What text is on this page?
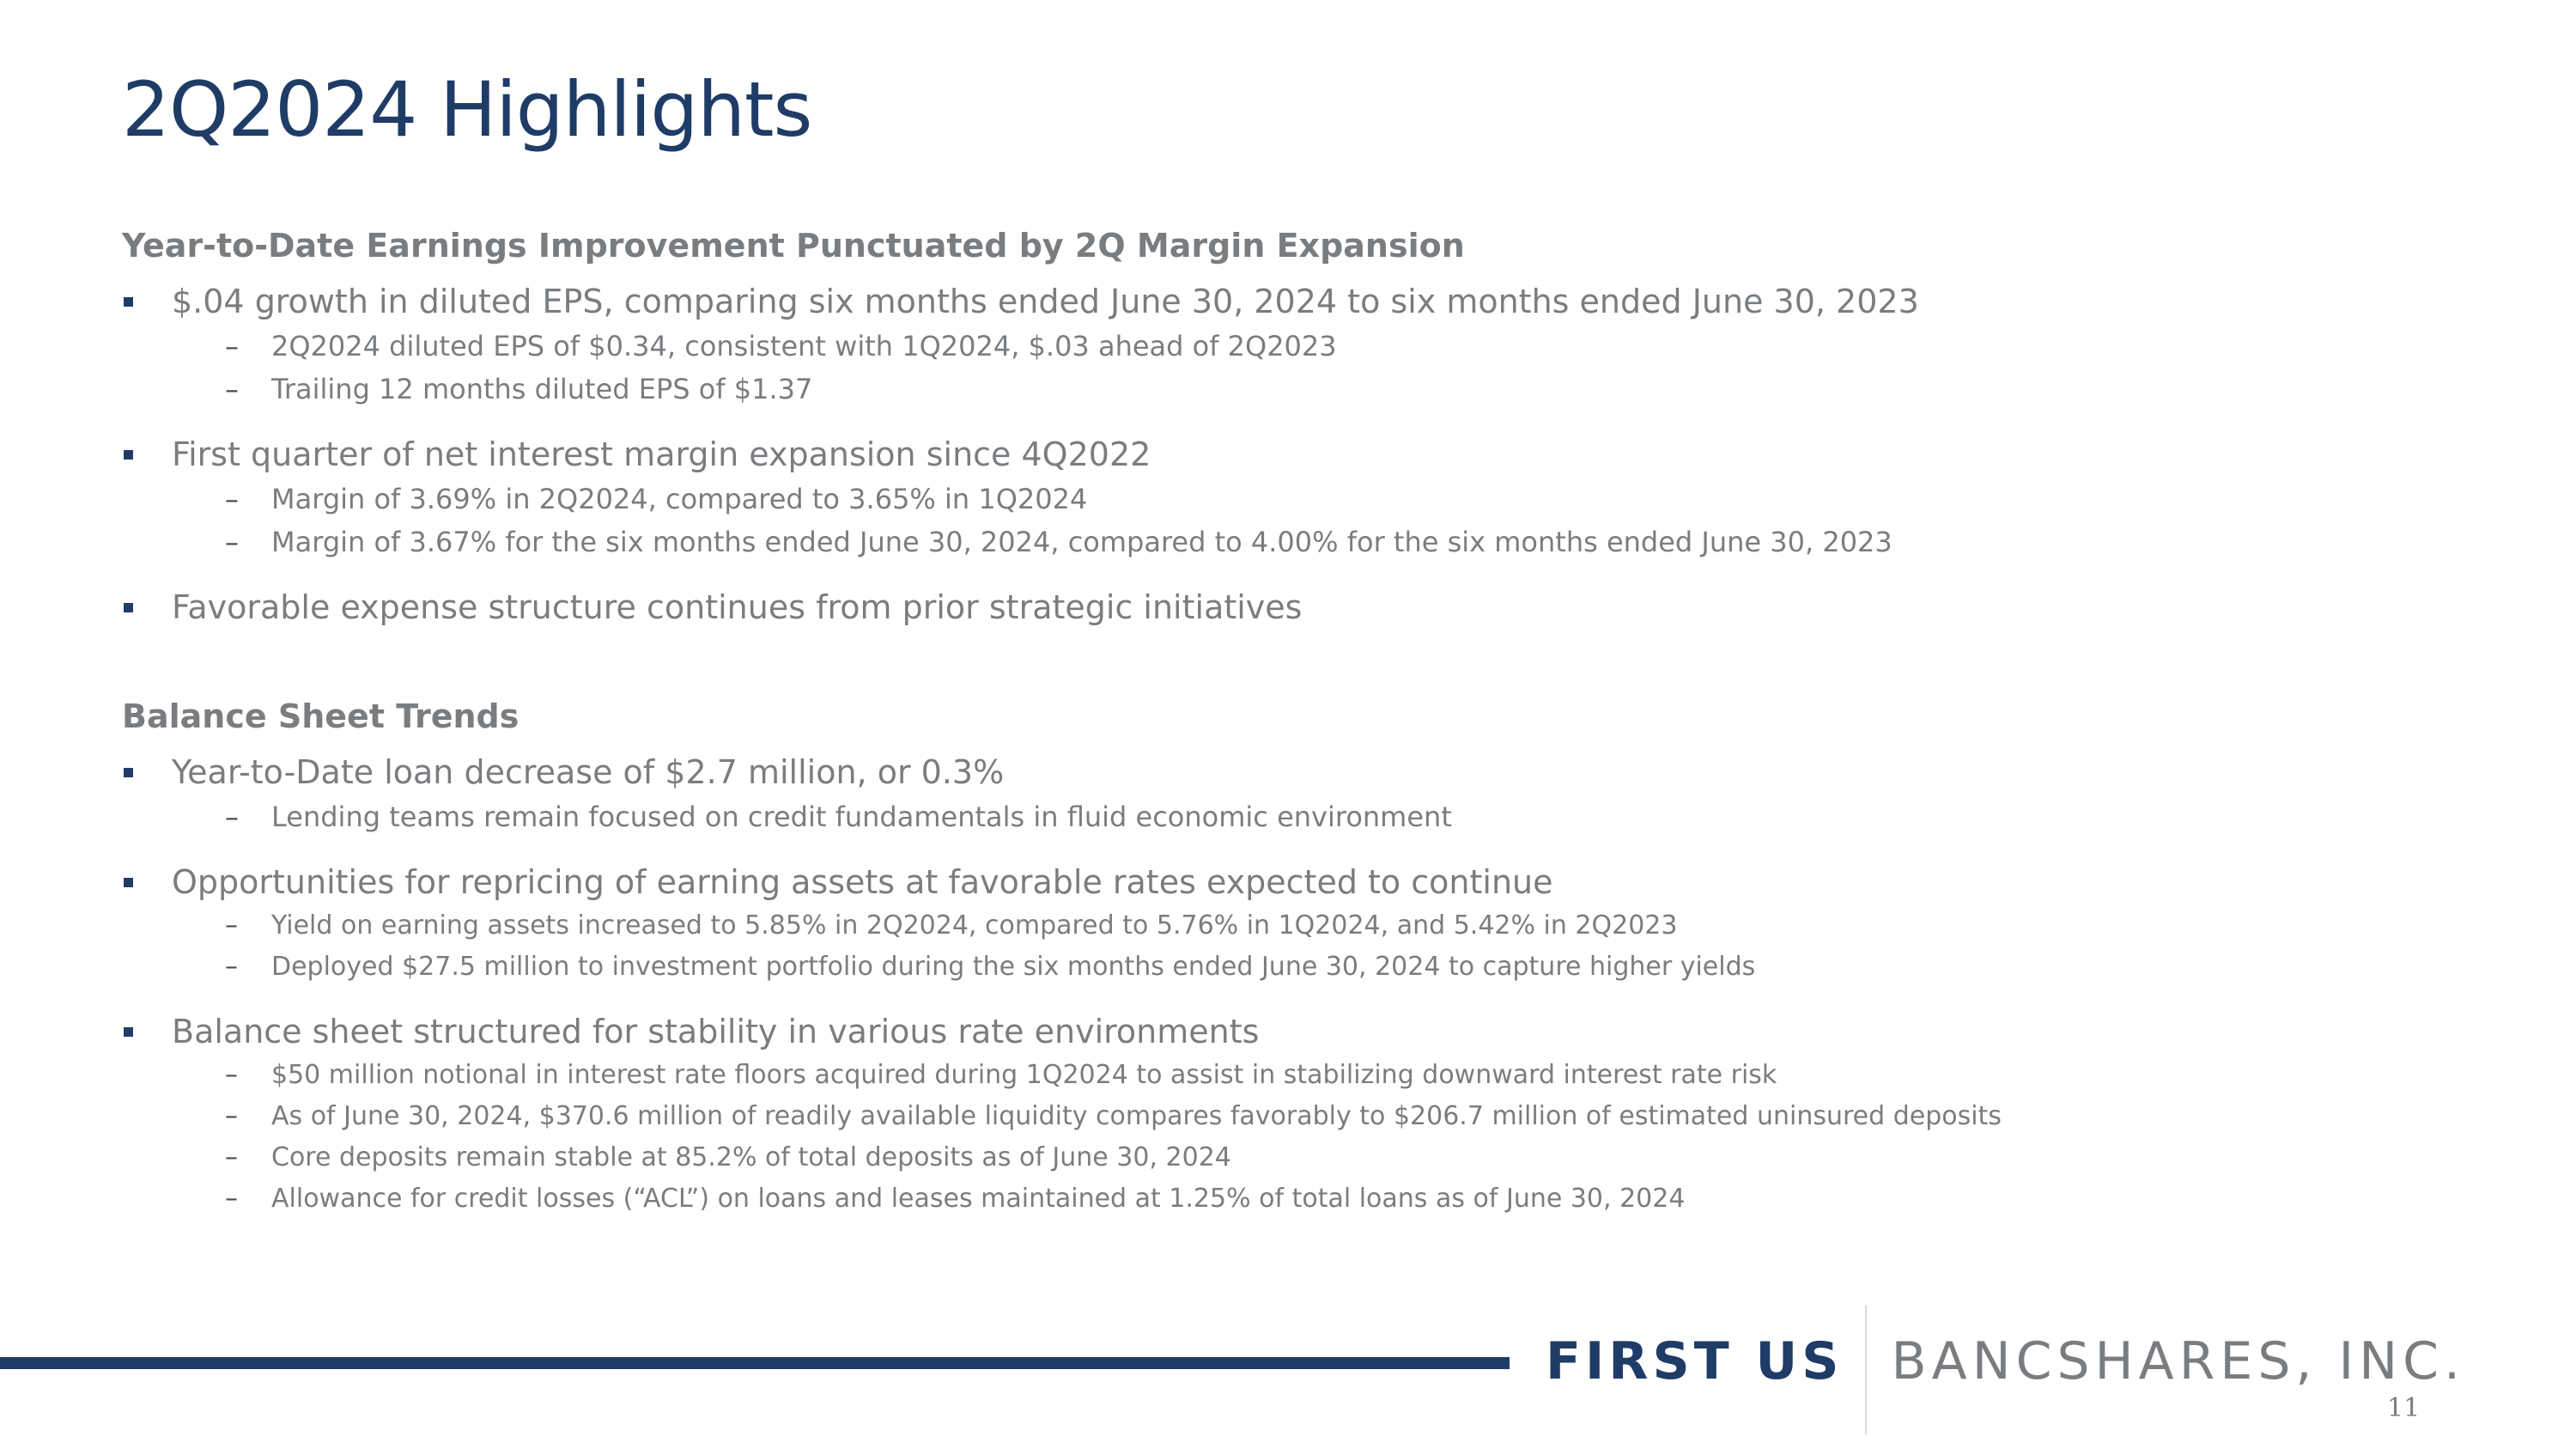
2Q2024 Highlights

Year-to-Date Earnings Improvement Punctuated by 2Q Margin Expansion

$.04 growth in diluted EPS, comparing six months ended June 30, 2024 to six months ended June 30, 2023
– 2Q2024 diluted EPS of $0.34, consistent with 1Q2024, $.03 ahead of 2Q2023
– Trailing 12 months diluted EPS of $1.37
First quarter of net interest margin expansion since 4Q2022
– Margin of 3.69% in 2Q2024, compared to 3.65% in 1Q2024
– Margin of 3.67% for the six months ended June 30, 2024, compared to 4.00% for the six months ended June 30, 2023
Favorable expense structure continues from prior strategic initiatives

Balance Sheet Trends

Year-to-Date loan decrease of $2.7 million, or 0.3%
– Lending teams remain focused on credit fundamentals in fluid economic environment
Opportunities for repricing of earning assets at favorable rates expected to continue
– Yield on earning assets increased to 5.85% in 2Q2024, compared to 5.76% in 1Q2024, and 5.42% in 2Q2023
– Deployed $27.5 million to investment portfolio during the six months ended June 30, 2024 to capture higher yields
Balance sheet structured for stability in various rate environments
– $50 million notional in interest rate floors acquired during 1Q2024 to assist in stabilizing downward interest rate risk
– As of June 30, 2024, $370.6 million of readily available liquidity compares favorably to $206.7 million of estimated uninsured deposits
– Core deposits remain stable at 85.2% of total deposits as of June 30, 2024
– Allowance for credit losses (“ACL”) on loans and leases maintained at 1.25% of total loans as of June 30, 2024
FIRST US BANCSHARES, INC.
11
